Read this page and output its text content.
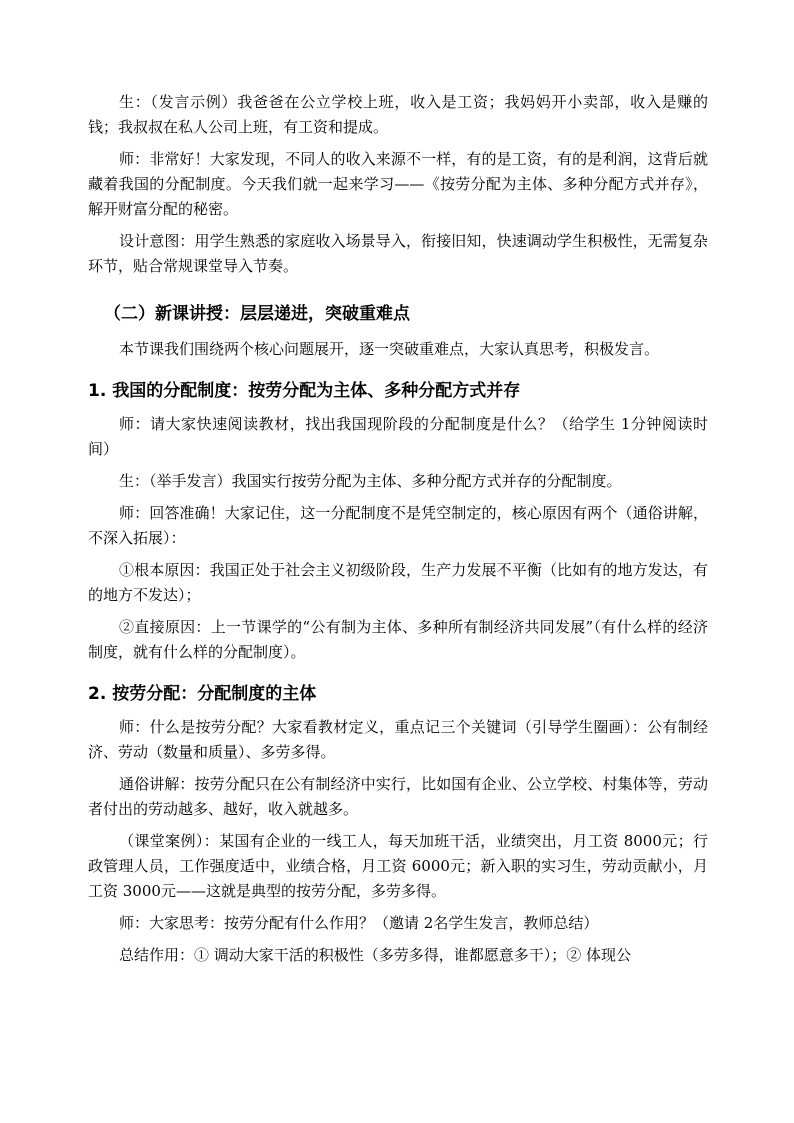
生：（发言示例）我爸爸在公立学校上班，收入是工资；我妈妈开小卖部，收入是赚的钱；我叔叔在私人公司上班，有工资和提成。

师：非常好！大家发现，不同人的收入来源不一样，有的是工资，有的是利润，这背后就藏着我国的分配制度。今天我们就一起来学习——《按劳分配为主体、多种分配方式并存》，解开财富分配的秘密。

设计意图：用学生熟悉的家庭收入场景导入，衔接旧知，快速调动学生积极性，无需复杂环节，贴合常规课堂导入节奏。

（二）新课讲授：层层递进，突破重难点

本节课我们围绕两个核心问题展开，逐一突破重难点，大家认真思考，积极发言。

1. 我国的分配制度：按劳分配为主体、多种分配方式并存

师：请大家快速阅读教材，找出我国现阶段的分配制度是什么？（给学生 1分钟阅读时间）

生：（举手发言）我国实行按劳分配为主体、多种分配方式并存的分配制度。

师：回答准确！大家记住，这一分配制度不是凭空制定的，核心原因有两个（通俗讲解，不深入拓展）：

①根本原因：我国正处于社会主义初级阶段，生产力发展不平衡（比如有的地方发达，有的地方不发达）；

②直接原因：上一节课学的“公有制为主体、多种所有制经济共同发展”（有什么样的经济制度，就有什么样的分配制度）。

2. 按劳分配：分配制度的主体

师：什么是按劳分配？大家看教材定义，重点记三个关键词（引导学生圈画）：公有制经济、劳动（数量和质量）、多劳多得。

通俗讲解：按劳分配只在公有制经济中实行，比如国有企业、公立学校、村集体等，劳动者付出的劳动越多、越好，收入就越多。

（课堂案例）：某国有企业的一线工人，每天加班干活，业绩突出，月工资 8000元；行政管理人员，工作强度适中，业绩合格，月工资 6000元；新入职的实习生，劳动贡献小，月工资 3000元——这就是典型的按劳分配，多劳多得。

师：大家思考：按劳分配有什么作用？（邀请 2名学生发言，教师总结）

总结作用：① 调动大家干活的积极性（多劳多得，谁都愿意多干）；② 体现公
